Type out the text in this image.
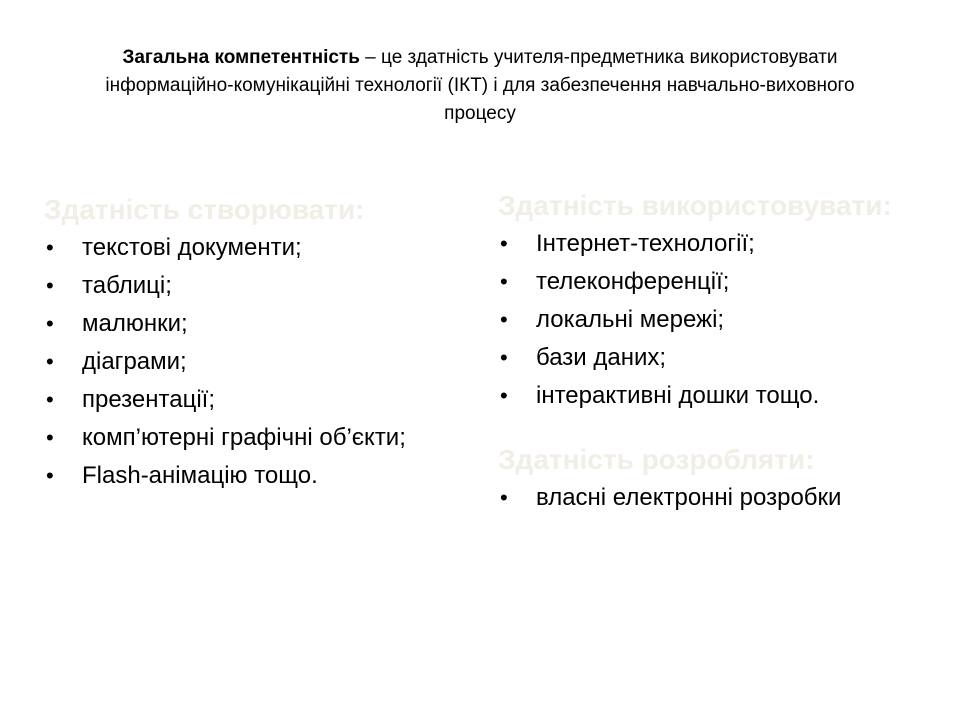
Загальна компетентність – це здатність учителя-предметника використовувати інформаційно-комунікаційні технології (ІКТ) і для забезпечення навчально-виховного процесу
Здатність створювати:
•	текстові документи;
•	таблиці;
•	малюнки;
•	діаграми;
•	презентації;
•	комп’ютерні графічні об’єкти;
•	Flash-анімацію тощо.
Здатність використовувати:
•	Інтернет-технології;
•	телеконференції;
•	локальні мережі;
•	бази даних;
•	інтерактивні дошки тощо.
Здатність розробляти:
•	власні електронні розробки
